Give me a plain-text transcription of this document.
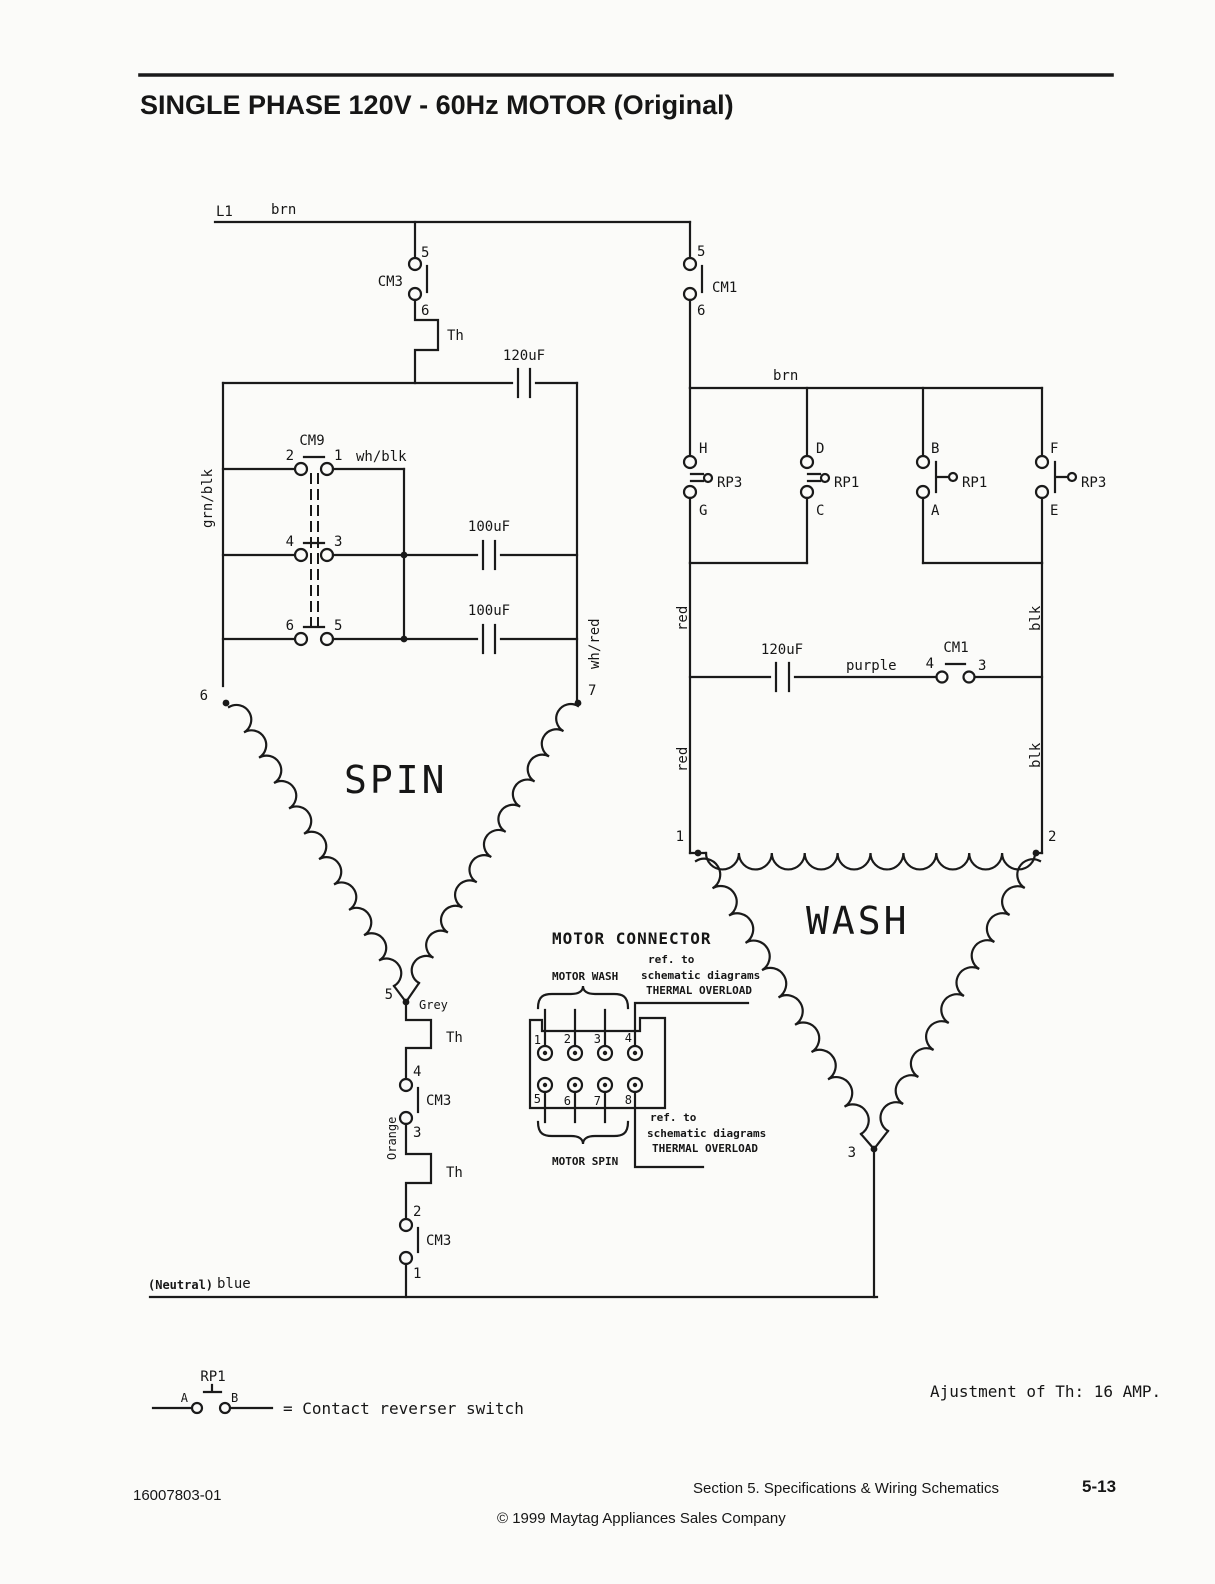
SINGLE PHASE 120V - 60Hz MOTOR (Original)
L1	brn
5
6
CM3
Th
120uF
grn/blk
wh/red
2	1 wh/blk
4	3
100uF
6	5
100uF
CM9
6	7
SPIN
5
Grey
Th
4
CM3
3
Orange
Th
2
CM3
1
(Neutral) blue
5
6
CM1
brn
H
G
RP3
D
C
RP1
B
A
RP1
F
E
RP3
red
red
blk
blk
120uF
purple
CM1
4	3
1	2
3
WASH
MOTOR CONNECTOR
ref. to
schematic diagrams
THERMAL OVERLOAD
MOTOR WASH
1 2 3 4
5 6 7 8
MOTOR SPIN
ref. to
schematic diagrams
THERMAL OVERLOAD
RP1
A	B
= Contact reverser switch
Ajustment of Th: 16 AMP.
16007803-01	Section 5. Specifications & Wiring Schematics	5-13
© 1999 Maytag Appliances Sales Company
